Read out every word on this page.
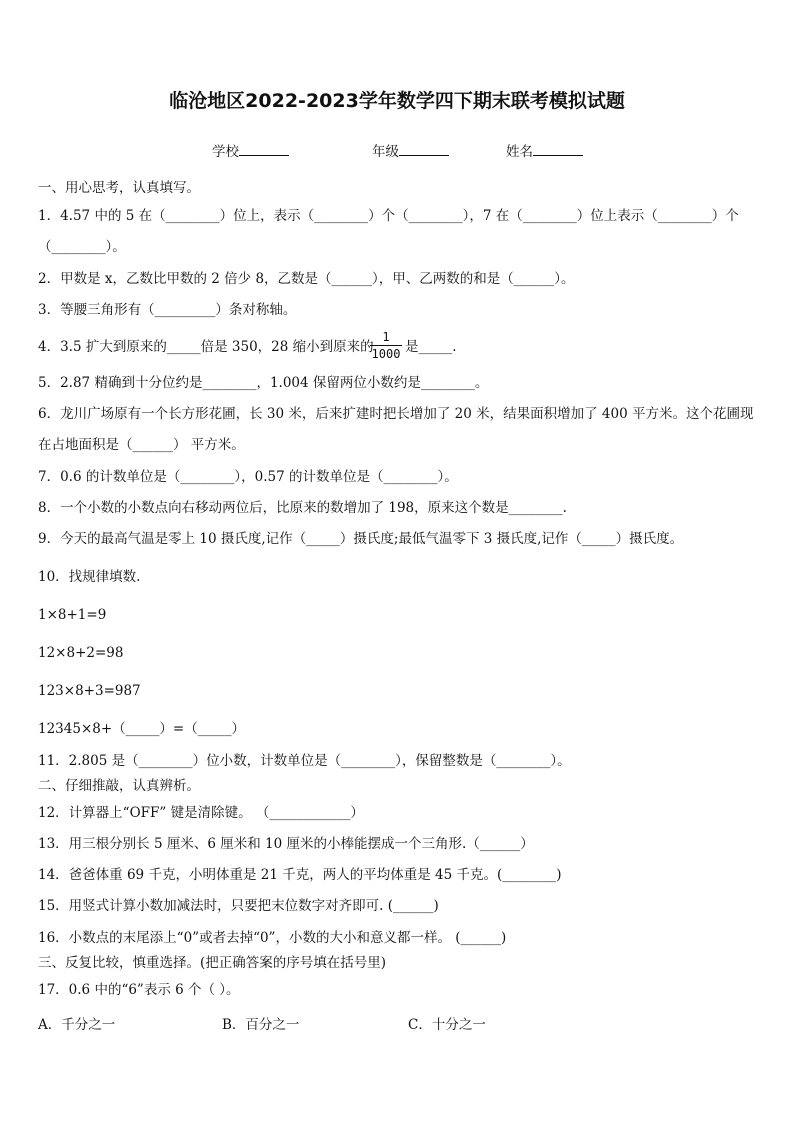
临沧地区2022-2023学年数学四下期末联考模拟试题
学校	年级	姓名
一、用心思考，认真填写。
1．4.57 中的 5 在（________）位上，表示（________）个（________），7 在（________）位上表示（________）个
（________）。
2．甲数是 x，乙数比甲数的 2 倍少 8，乙数是（______），甲、乙两数的和是（______）。
3．等腰三角形有（_________）条对称轴。
4．3.5 扩大到原来的_____倍是 350，28 缩小到原来的
1
1000 是_____.
5．2.87 精确到十分位约是________，1.004 保留两位小数约是________。
6．龙川广场原有一个长方形花圃，长 30 米，后来扩建时把长增加了 20 米，结果面积增加了 400 平方米。这个花圃现
在占地面积是（______） 平方米。
7．0.6 的计数单位是（________），0.57 的计数单位是（________）。
8．一个小数的小数点向右移动两位后，比原来的数增加了 198，原来这个数是________.
9．今天的最高气温是零上 10 摄氏度,记作（_____）摄氏度;最低气温零下 3 摄氏度,记作（_____）摄氏度。
10．找规律填数.
1×8+1=9
12×8+2=98
123×8+3=987
12345×8+（_____）=（_____）
11．2.805 是（________）位小数，计数单位是（________），保留整数是（________）。
二、仔细推敲，认真辨析。
12．计算器上“OFF” 键是清除键。 （____________）
13．用三根分别长 5 厘米、6 厘米和 10 厘米的小棒能摆成一个三角形.（______）
14．爸爸体重 69 千克，小明体重是 21 千克，两人的平均体重是 45 千克。(________)
15．用竖式计算小数加减法时，只要把末位数字对齐即可. (______)
16．小数点的末尾添上“0”或者去掉“0”，小数的大小和意义都一样。 (______)
三、反复比较，慎重选择。(把正确答案的序号填在括号里)
17．0.6 中的“6”表示 6 个（ ）。
A．千分之一	B．百分之一	C．十分之一
